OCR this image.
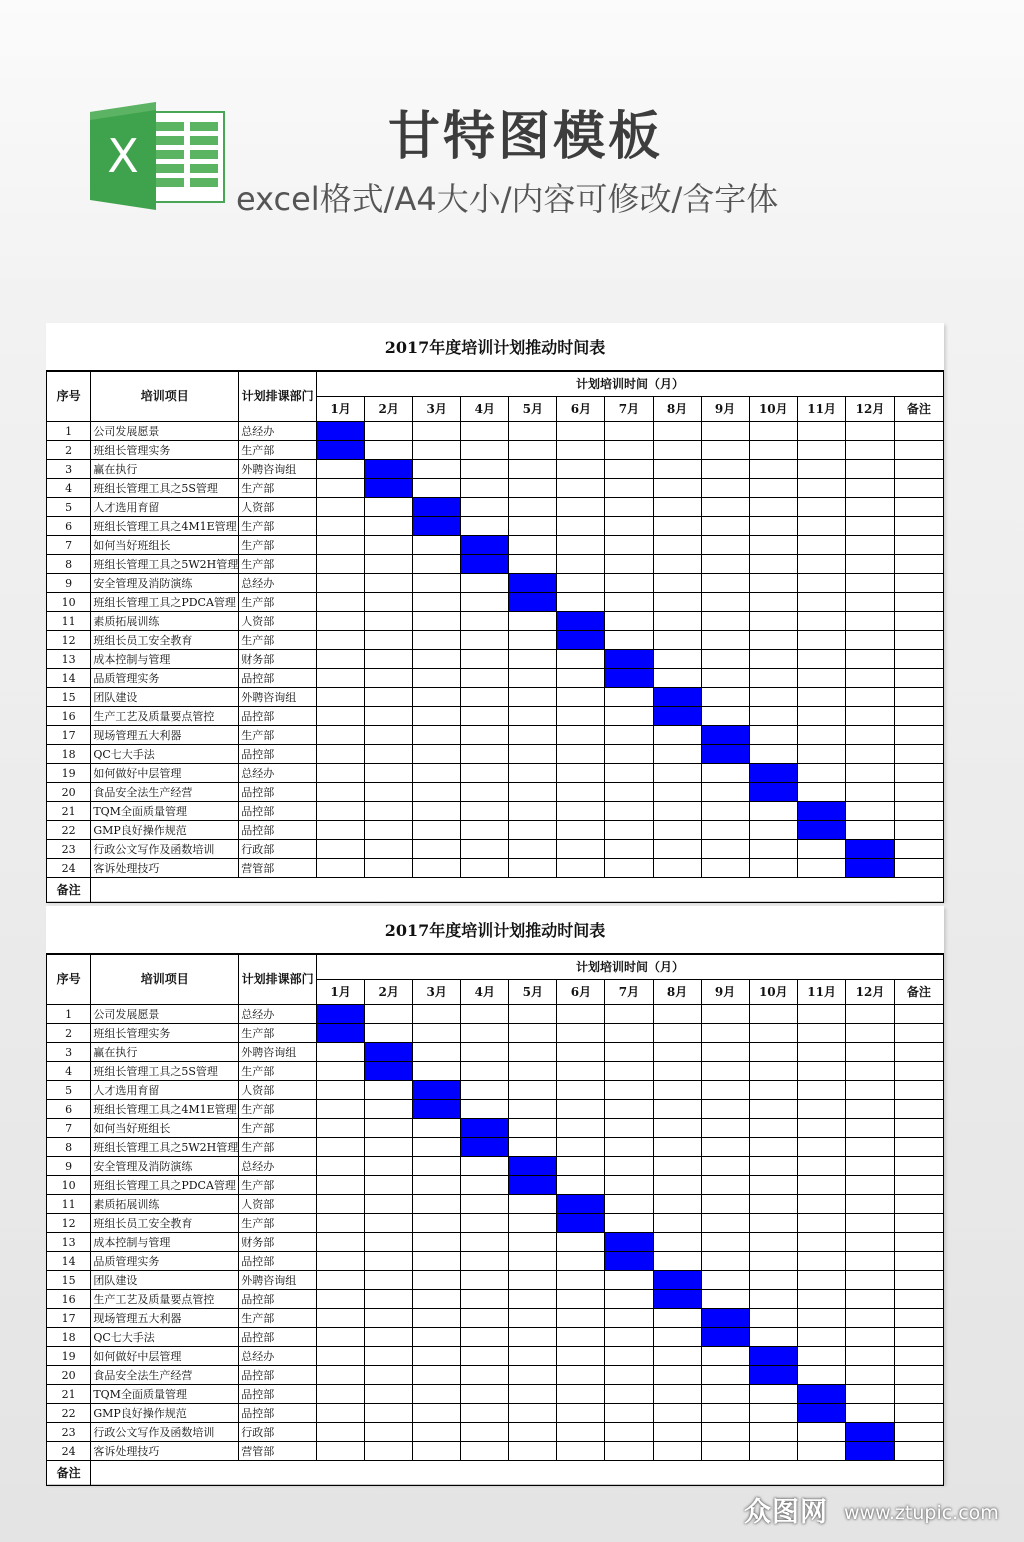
X	甘特图模板

excel格式/A4大小/内容可修改/含字体

2017年度培训计划推动时间表
序号	培训项目	计划排课部门	计划培训时间（月）												
			1月	2月	3月	4月	5月	6月	7月	8月	9月	10月	11月	12月	备注
1	公司发展愿景	总经办													
2	班组长管理实务	生产部													
3	赢在执行	外聘咨询组													
4	班组长管理工具之5S管理	生产部													
5	人才选用育留	人资部													
6	班组长管理工具之4M1E管理	生产部													
7	如何当好班组长	生产部													
8	班组长管理工具之5W2H管理	生产部													
9	安全管理及消防演练	总经办													
10	班组长管理工具之PDCA管理	生产部													
11	素质拓展训练	人资部													
12	班组长员工安全教育	生产部													
13	成本控制与管理	财务部													
14	品质管理实务	品控部													
15	团队建设	外聘咨询组													
16	生产工艺及质量要点管控	品控部													
17	现场管理五大利器	生产部													
18	QC七大手法	品控部													
19	如何做好中层管理	总经办													
20	食品安全法生产经营	品控部													
21	TQM全面质量管理	品控部													
22	GMP良好操作规范	品控部													
23	行政公文写作及函数培训	行政部													
24	客诉处理技巧	营管部													
备注															
2017年度培训计划推动时间表
序号	培训项目	计划排课部门	计划培训时间（月）												
			1月	2月	3月	4月	5月	6月	7月	8月	9月	10月	11月	12月	备注
1	公司发展愿景	总经办													
2	班组长管理实务	生产部													
3	赢在执行	外聘咨询组													
4	班组长管理工具之5S管理	生产部													
5	人才选用育留	人资部													
6	班组长管理工具之4M1E管理	生产部													
7	如何当好班组长	生产部													
8	班组长管理工具之5W2H管理	生产部													
9	安全管理及消防演练	总经办													
10	班组长管理工具之PDCA管理	生产部													
11	素质拓展训练	人资部													
12	班组长员工安全教育	生产部													
13	成本控制与管理	财务部													
14	品质管理实务	品控部													
15	团队建设	外聘咨询组													
16	生产工艺及质量要点管控	品控部													
17	现场管理五大利器	生产部													
18	QC七大手法	品控部													
19	如何做好中层管理	总经办													
20	食品安全法生产经营	品控部													
21	TQM全面质量管理	品控部													
22	GMP良好操作规范	品控部													
23	行政公文写作及函数培训	行政部													
24	客诉处理技巧	营管部													
备注															
众图网 www.ztupic.com
